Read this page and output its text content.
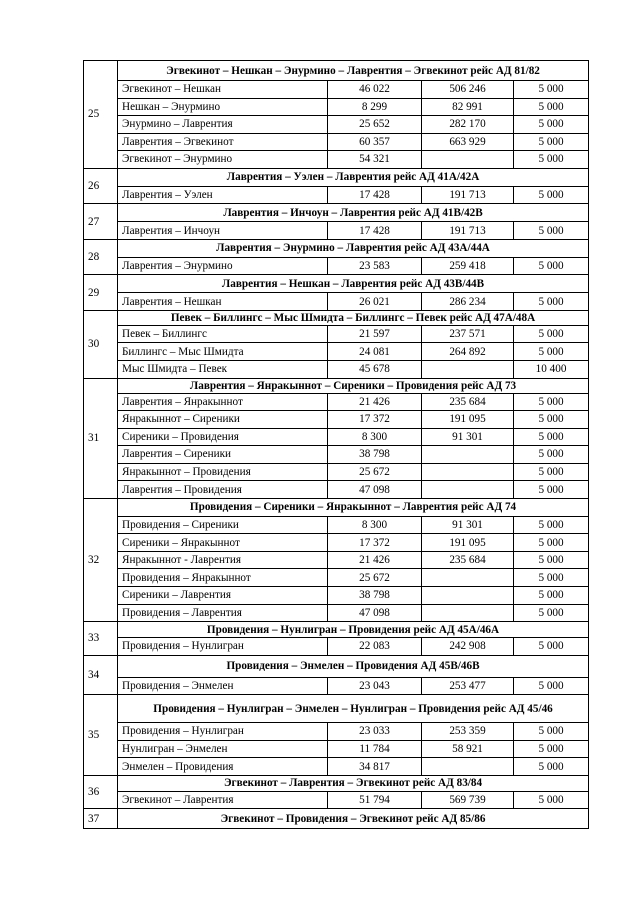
25	Эгвекинот – Нешкан – Энурмино – Лаврентия – Эгвекинот рейс АД 81/82			
	Эгвекинот – Нешкан	46 022	506 246	5 000
	Нешкан – Энурмино	8 299	82 991	5 000
	Энурмино – Лаврентия	25 652	282 170	5 000
	Лаврентия – Эгвекинот	60 357	663 929	5 000
	Эгвекинот – Энурмино	54 321		5 000
26	Лаврентия – Уэлен – Лаврентия рейс АД 41А/42А			
	Лаврентия – Уэлен	17 428	191 713	5 000
27	Лаврентия – Инчоун – Лаврентия рейс АД 41В/42В			
	Лаврентия – Инчоун	17 428	191 713	5 000
28	Лаврентия – Энурмино – Лаврентия рейс АД 43А/44А			
	Лаврентия – Энурмино	23 583	259 418	5 000
29	Лаврентия – Нешкан – Лаврентия рейс АД 43В/44В			
	Лаврентия – Нешкан	26 021	286 234	5 000
30	Певек – Биллингс – Мыс Шмидта – Биллингс – Певек рейс АД 47А/48А			
	Певек – Биллингс	21 597	237 571	5 000
	Биллингс – Мыс Шмидта	24 081	264 892	5 000
	Мыс Шмидта – Певек	45 678		10 400
31	Лаврентия – Янракыннот – Сиреники – Провидения рейс АД 73			
	Лаврентия – Янракыннот	21 426	235 684	5 000
	Янракыннот – Сиреники	17 372	191 095	5 000
	Сиреники – Провидения	8 300	91 301	5 000
	Лаврентия – Сиреники	38 798		5 000
	Янракыннот – Провидения	25 672		5 000
	Лаврентия – Провидения	47 098		5 000
32	Провидения – Сиреники – Янракыннот – Лаврентия рейс АД 74			
	Провидения – Сиреники	8 300	91 301	5 000
	Сиреники – Янракыннот	17 372	191 095	5 000
	Янракыннот - Лаврентия	21 426	235 684	5 000
	Провидения – Янракыннот	25 672		5 000
	Сиреники – Лаврентия	38 798		5 000
	Провидения – Лаврентия	47 098		5 000
33	Провидения – Нунлигран – Провидения рейс АД 45А/46А			
	Провидения – Нунлигран	22 083	242 908	5 000
34	Провидения – Энмелен – Провидения АД 45В/46В			
	Провидения – Энмелен	23 043	253 477	5 000
35	Провидения – Нунлигран – Энмелен – Нунлигран – Провидения рейс АД 45/46			
	Провидения – Нунлигран	23 033	253 359	5 000
	Нунлигран – Энмелен	11 784	58 921	5 000
	Энмелен – Провидения	34 817		5 000
36	Эгвекинот – Лаврентия – Эгвекинот рейс АД 83/84			
	Эгвекинот – Лаврентия	51 794	569 739	5 000
37	Эгвекинот – Провидения – Эгвекинот рейс АД 85/86			
